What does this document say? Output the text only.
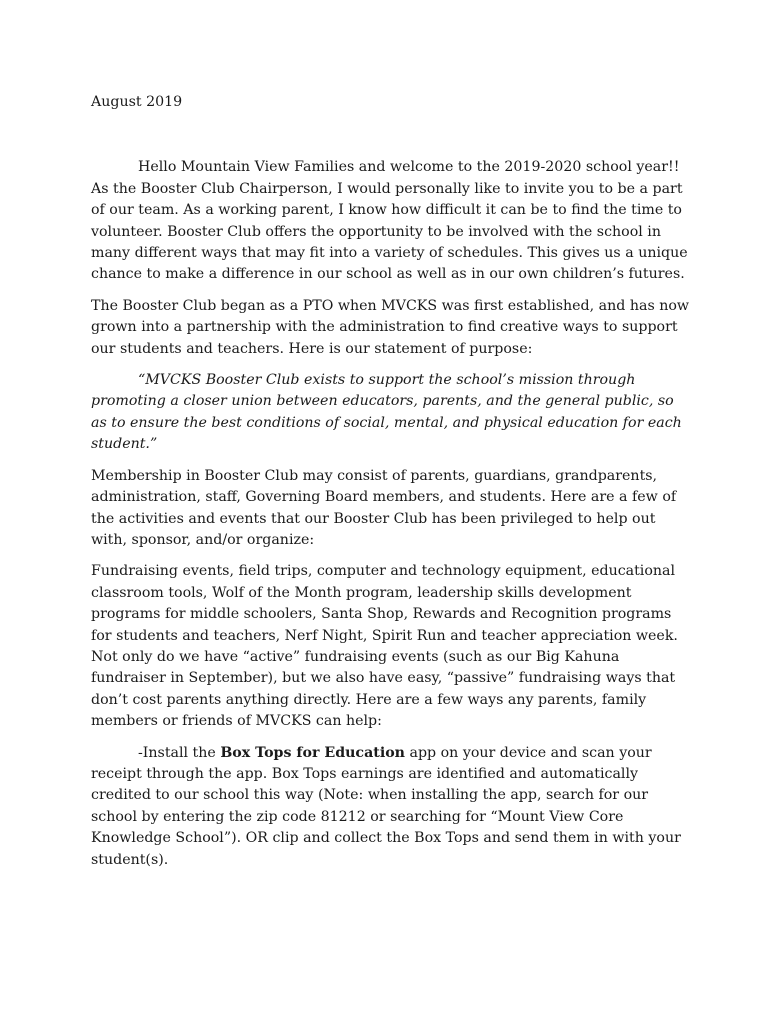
August 2019

Hello Mountain View Families and welcome to the 2019-2020 school year!! As the Booster Club Chairperson, I would personally like to invite you to be a part of our team. As a working parent, I know how difficult it can be to find the time to volunteer. Booster Club offers the opportunity to be involved with the school in many different ways that may fit into a variety of schedules. This gives us a unique chance to make a difference in our school as well as in our own children’s futures.

The Booster Club began as a PTO when MVCKS was first established, and has now grown into a partnership with the administration to find creative ways to support our students and teachers. Here is our statement of purpose:

“MVCKS Booster Club exists to support the school’s mission through promoting a closer union between educators, parents, and the general public, so as to ensure the best conditions of social, mental, and physical education for each student.”

Membership in Booster Club may consist of parents, guardians, grandparents, administration, staff, Governing Board members, and students. Here are a few of the activities and events that our Booster Club has been privileged to help out with, sponsor, and/or organize:

Fundraising events, field trips, computer and technology equipment, educational classroom tools, Wolf of the Month program, leadership skills development programs for middle schoolers, Santa Shop, Rewards and Recognition programs for students and teachers, Nerf Night, Spirit Run and teacher appreciation week. Not only do we have “active” fundraising events (such as our Big Kahuna fundraiser in September), but we also have easy, “passive” fundraising ways that don’t cost parents anything directly. Here are a few ways any parents, family members or friends of MVCKS can help:

-Install the Box Tops for Education app on your device and scan your receipt through the app. Box Tops earnings are identified and automatically credited to our school this way (Note: when installing the app, search for our school by entering the zip code 81212 or searching for “Mount View Core Knowledge School”). OR clip and collect the Box Tops and send them in with your student(s).
